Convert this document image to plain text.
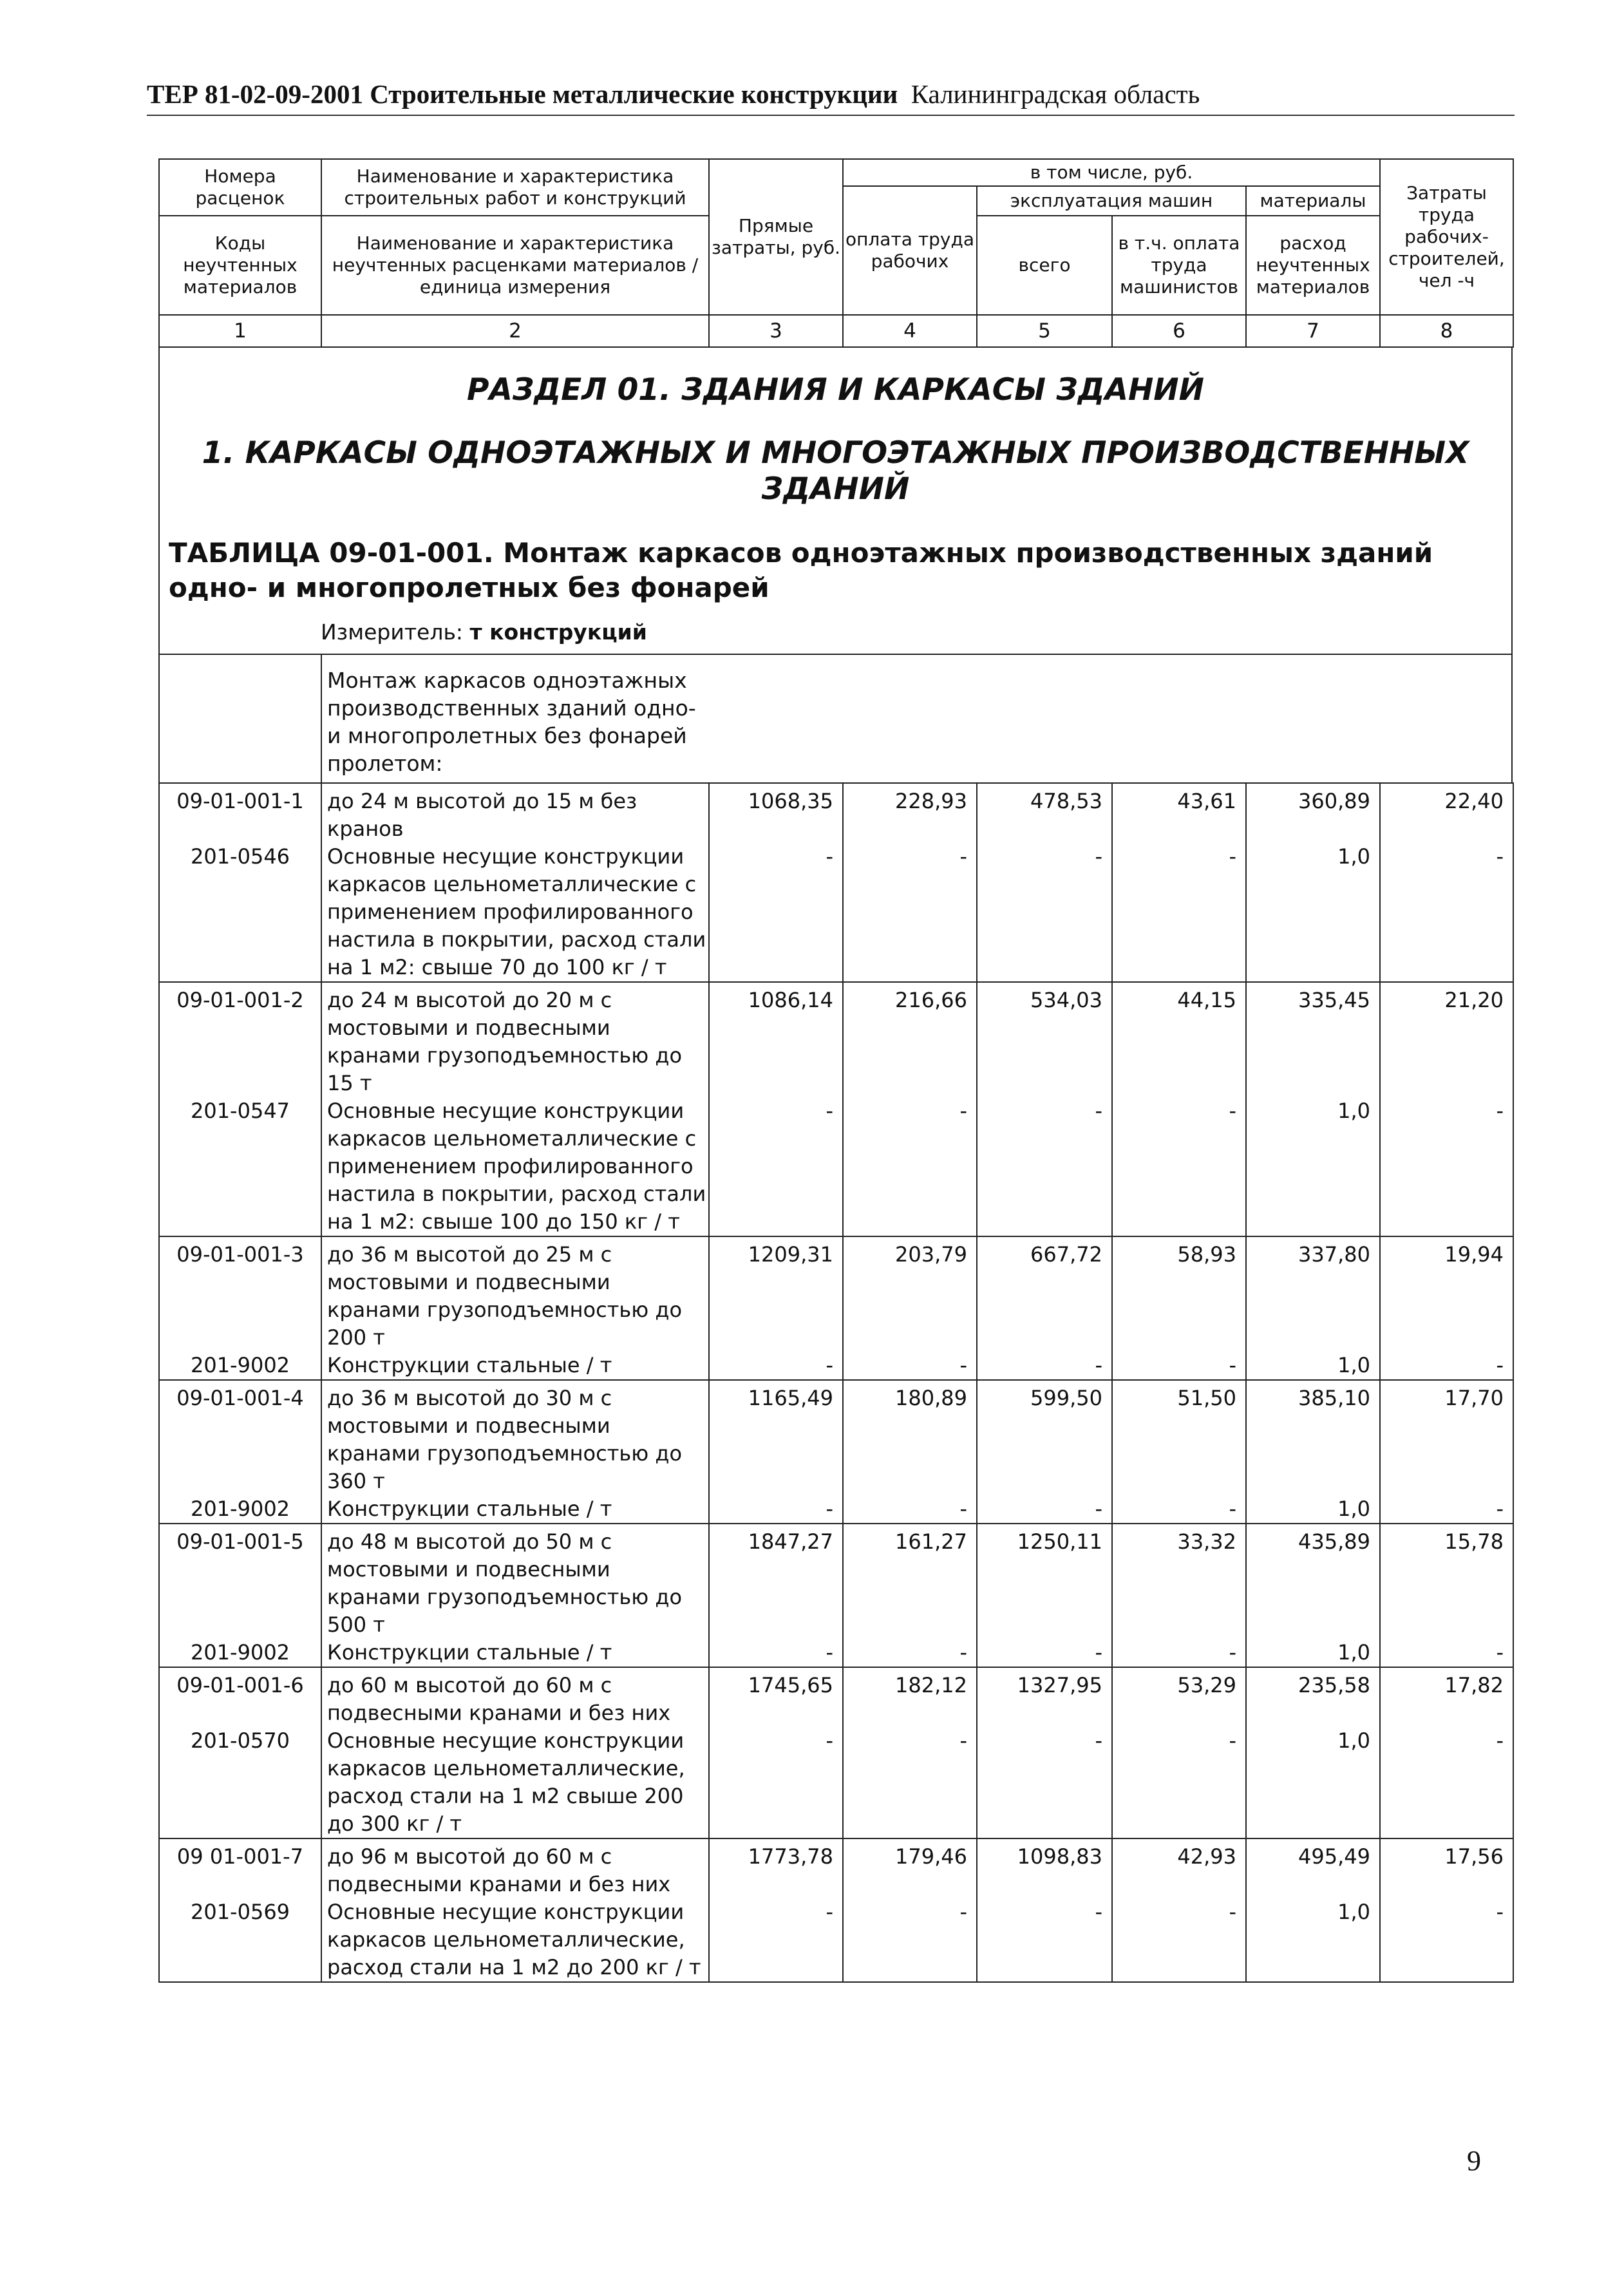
ТЕР 81-02-09-2001 Строительные металлические конструкции Калининградская область
Номера расценок	Наименование и характеристика строительных работ и конструкций	Прямые затраты, руб.	в том числе, руб.				Затраты труда рабочих-строителей, чел -ч
			оплата труда рабочих	эксплуатация машин		материалы	
Коды неучтенных материалов	Наименование и характеристика неучтенных расценками материалов / единица измерения			всего	в т.ч. оплата труда машинистов	расход неучтенных материалов	

1	2	3	4	5	6	7	8
РАЗДЕЛ 01. ЗДАНИЯ И КАРКАСЫ ЗДАНИЙ
1. КАРКАСЫ ОДНОЭТАЖНЫХ И МНОГОЭТАЖНЫХ ПРОИЗВОДСТВЕННЫХ ЗДАНИЙ
ТАБЛИЦА 09-01-001. Монтаж каркасов одноэтажных производственных зданий одно- и многопролетных без фонарей
Измеритель: т конструкций
Монтаж каркасов одноэтажных производственных зданий одно- и многопролетных без фонарей пролетом:
09-01-001-1	до 24 м высотой до 15 м без кранов	1068,35	228,93	478,53	43,61	360,89	22,40
201-0546	Основные несущие конструкции каркасов цельнометаллические с применением профилированного настила в покрытии, расход стали на 1 м2: свыше 70 до 100 кг / т	-	-	-	-	1,0	-
09-01-001-2	до 24 м высотой до 20 м с мостовыми и подвесными кранами грузоподъемностью до 15 т	1086,14	216,66	534,03	44,15	335,45	21,20
201-0547	Основные несущие конструкции каркасов цельнометаллические с применением профилированного настила в покрытии, расход стали на 1 м2: свыше 100 до 150 кг / т	-	-	-	-	1,0	-
09-01-001-3	до 36 м высотой до 25 м с мостовыми и подвесными кранами грузоподъемностью до 200 т	1209,31	203,79	667,72	58,93	337,80	19,94
201-9002	Конструкции стальные / т	-	-	-	-	1,0	-
09-01-001-4	до 36 м высотой до 30 м с мостовыми и подвесными кранами грузоподъемностью до 360 т	1165,49	180,89	599,50	51,50	385,10	17,70
201-9002	Конструкции стальные / т	-	-	-	-	1,0	-
09-01-001-5	до 48 м высотой до 50 м с мостовыми и подвесными кранами грузоподъемностью до 500 т	1847,27	161,27	1250,11	33,32	435,89	15,78
201-9002	Конструкции стальные / т	-	-	-	-	1,0	-
09-01-001-6	до 60 м высотой до 60 м с подвесными кранами и без них	1745,65	182,12	1327,95	53,29	235,58	17,82
201-0570	Основные несущие конструкции каркасов цельнометаллические, расход стали на 1 м2 свыше 200 до 300 кг / т	-	-	-	-	1,0	-
09 01-001-7	до 96 м высотой до 60 м с подвесными кранами и без них	1773,78	179,46	1098,83	42,93	495,49	17,56
201-0569	Основные несущие конструкции каркасов цельнометаллические, расход стали на 1 м2 до 200 кг / т	-	-	-	-	1,0	-
9
